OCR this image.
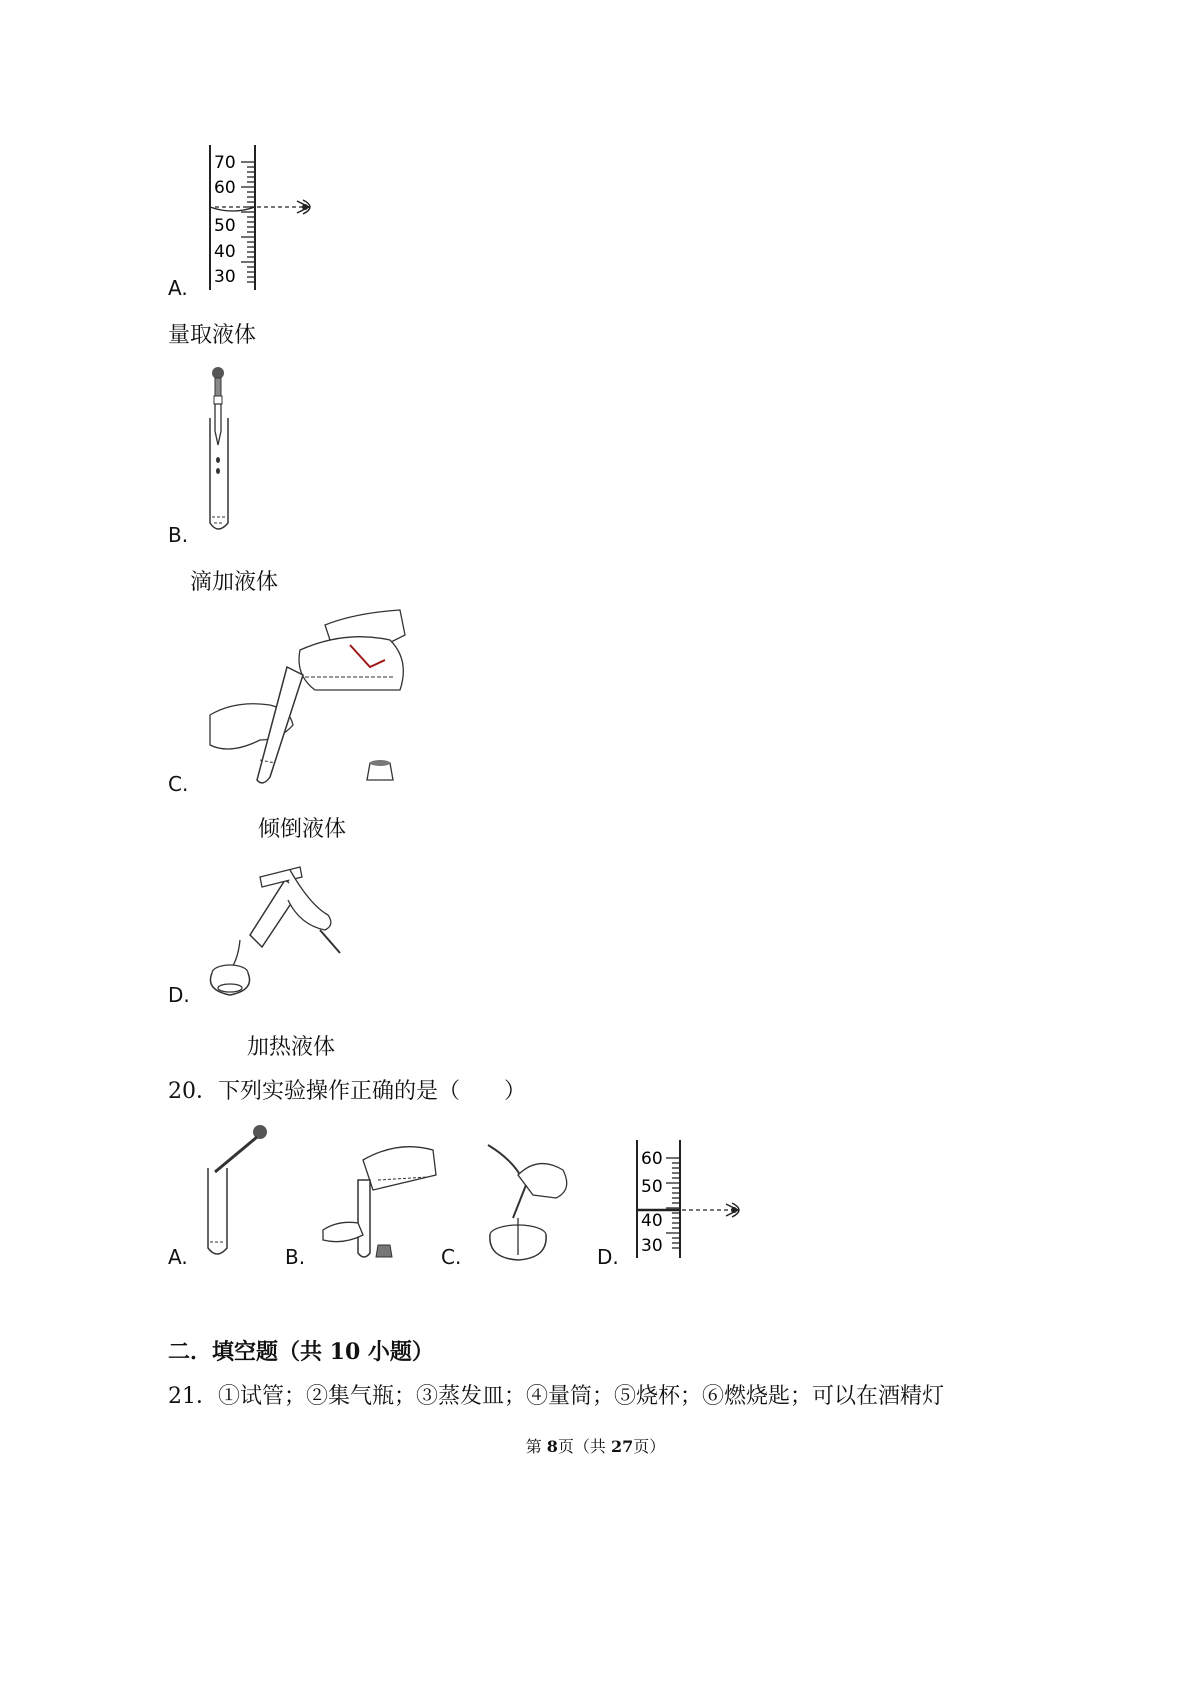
70
60
50
40
30
A.
量取液体
B.
滴加液体
C.
倾倒液体
D.
加热液体
20．下列实验操作正确的是（　　）
A.	B.	C.
60
50
40
30
D.
二．填空题（共 10 小题）
21．①试管；②集气瓶；③蒸发皿；④量筒；⑤烧杯；⑥燃烧匙；可以在酒精灯
第 8页（共 27页）
